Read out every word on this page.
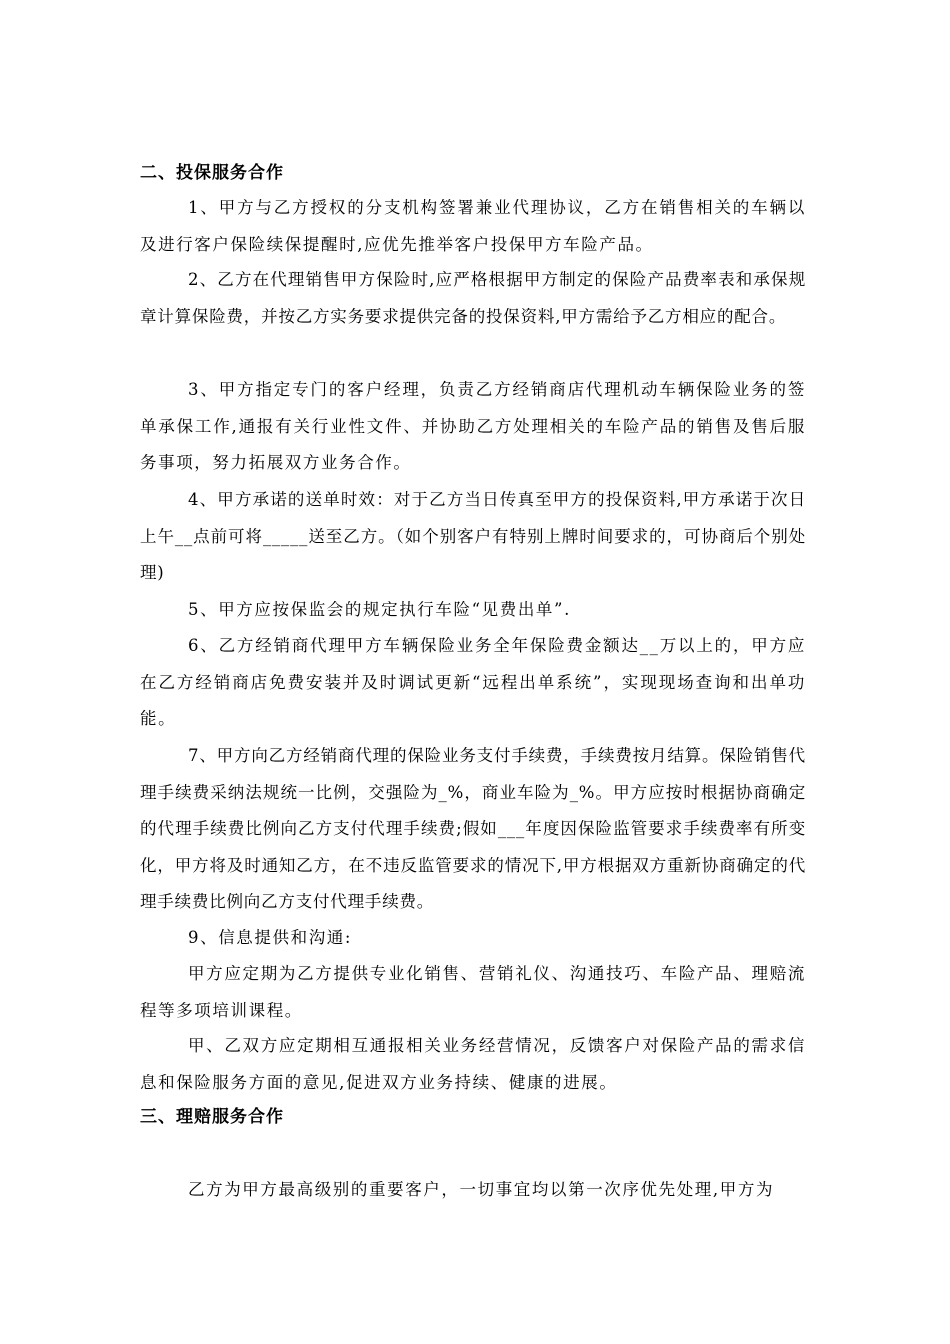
二、投保服务合作
1、甲方与乙方授权的分支机构签署兼业代理协议，乙方在销售相关的车辆以及进行客户保险续保提醒时,应优先推举客户投保甲方车险产品。
2、乙方在代理销售甲方保险时,应严格根据甲方制定的保险产品费率表和承保规章计算保险费，并按乙方实务要求提供完备的投保资料,甲方需给予乙方相应的配合。
3、甲方指定专门的客户经理，负责乙方经销商店代理机动车辆保险业务的签单承保工作,通报有关行业性文件、并协助乙方处理相关的车险产品的销售及售后服务事项，努力拓展双方业务合作。
4、甲方承诺的送单时效：对于乙方当日传真至甲方的投保资料,甲方承诺于次日上午__点前可将_____送至乙方。（如个别客户有特别上牌时间要求的，可协商后个别处理)
5、甲方应按保监会的规定执行车险“见费出单”.
6、乙方经销商代理甲方车辆保险业务全年保险费金额达__万以上的，甲方应在乙方经销商店免费安装并及时调试更新“远程出单系统”，实现现场查询和出单功能。
7、甲方向乙方经销商代理的保险业务支付手续费，手续费按月结算。保险销售代理手续费采纳法规统一比例，交强险为_%，商业车险为_%。甲方应按时根据协商确定的代理手续费比例向乙方支付代理手续费;假如___年度因保险监管要求手续费率有所变化，甲方将及时通知乙方，在不违反监管要求的情况下,甲方根据双方重新协商确定的代理手续费比例向乙方支付代理手续费。
9、信息提供和沟通:
甲方应定期为乙方提供专业化销售、营销礼仪、沟通技巧、车险产品、理赔流程等多项培训课程。
甲、乙双方应定期相互通报相关业务经营情况，反馈客户对保险产品的需求信息和保险服务方面的意见,促进双方业务持续、健康的进展。
三、理赔服务合作
乙方为甲方最高级别的重要客户，一切事宜均以第一次序优先处理,甲方为
